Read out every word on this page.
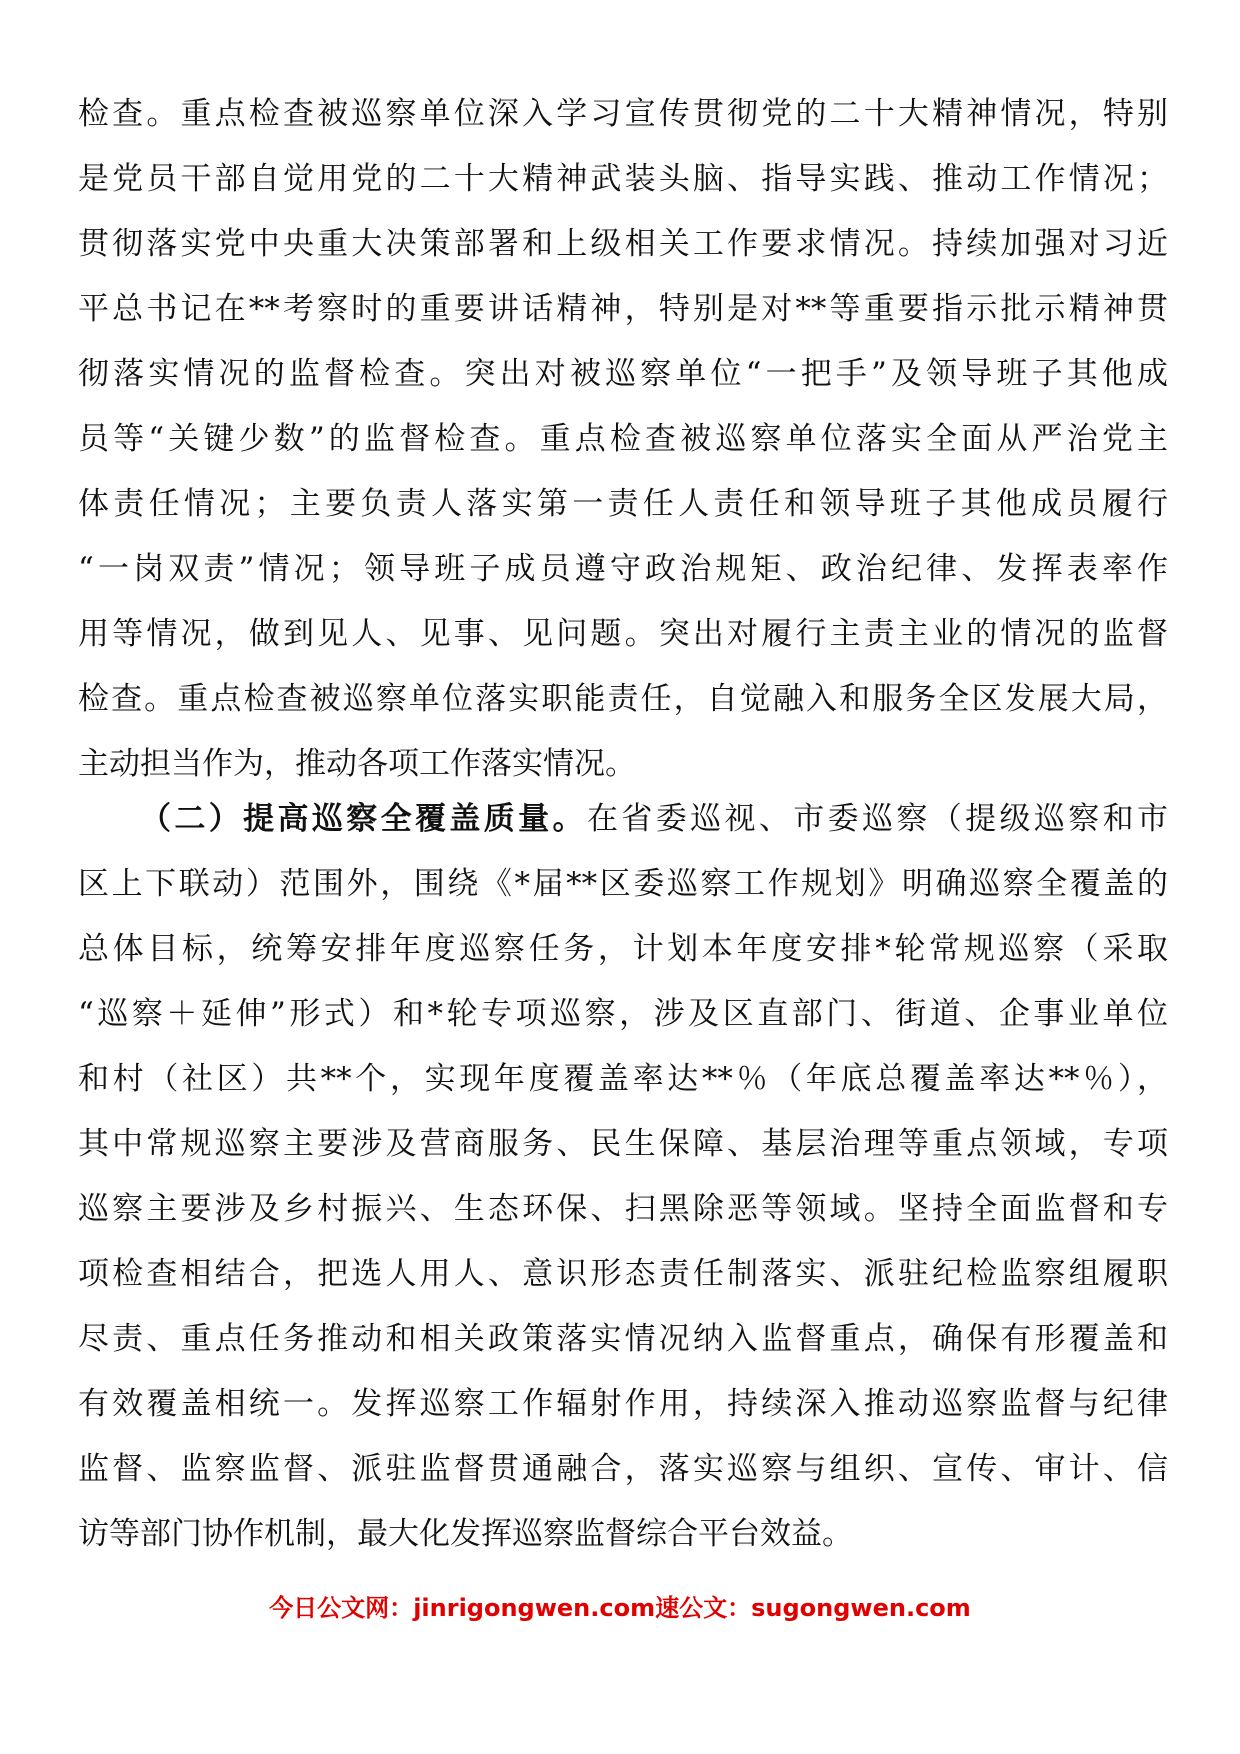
检查。重点检查被巡察单位深入学习宣传贯彻党的二十大精神情况，特别
是党员干部自觉用党的二十大精神武装头脑、指导实践、推动工作情况；
贯彻落实党中央重大决策部署和上级相关工作要求情况。持续加强对习近
平总书记在**考察时的重要讲话精神，特别是对**等重要指示批示精神贯
彻落实情况的监督检查。突出对被巡察单位“一把手”及领导班子其他成
员等“关键少数”的监督检查。重点检查被巡察单位落实全面从严治党主
体责任情况；主要负责人落实第一责任人责任和领导班子其他成员履行
“一岗双责”情况；领导班子成员遵守政治规矩、政治纪律、发挥表率作
用等情况，做到见人、见事、见问题。突出对履行主责主业的情况的监督
检查。重点检查被巡察单位落实职能责任，自觉融入和服务全区发展大局，
主动担当作为，推动各项工作落实情况。
（二）提高巡察全覆盖质量。在省委巡视、市委巡察（提级巡察和市
区上下联动）范围外，围绕《*届**区委巡察工作规划》明确巡察全覆盖的
总体目标，统筹安排年度巡察任务，计划本年度安排*轮常规巡察（采取
“巡察＋延伸”形式）和*轮专项巡察，涉及区直部门、街道、企事业单位
和村（社区）共**个，实现年度覆盖率达**％（年底总覆盖率达**％），
其中常规巡察主要涉及营商服务、民生保障、基层治理等重点领域，专项
巡察主要涉及乡村振兴、生态环保、扫黑除恶等领域。坚持全面监督和专
项检查相结合，把选人用人、意识形态责任制落实、派驻纪检监察组履职
尽责、重点任务推动和相关政策落实情况纳入监督重点，确保有形覆盖和
有效覆盖相统一。发挥巡察工作辐射作用，持续深入推动巡察监督与纪律
监督、监察监督、派驻监督贯通融合，落实巡察与组织、宣传、审计、信
访等部门协作机制，最大化发挥巡察监督综合平台效益。
今日公文网：jinrigongwen.com速公文：sugongwen.com
